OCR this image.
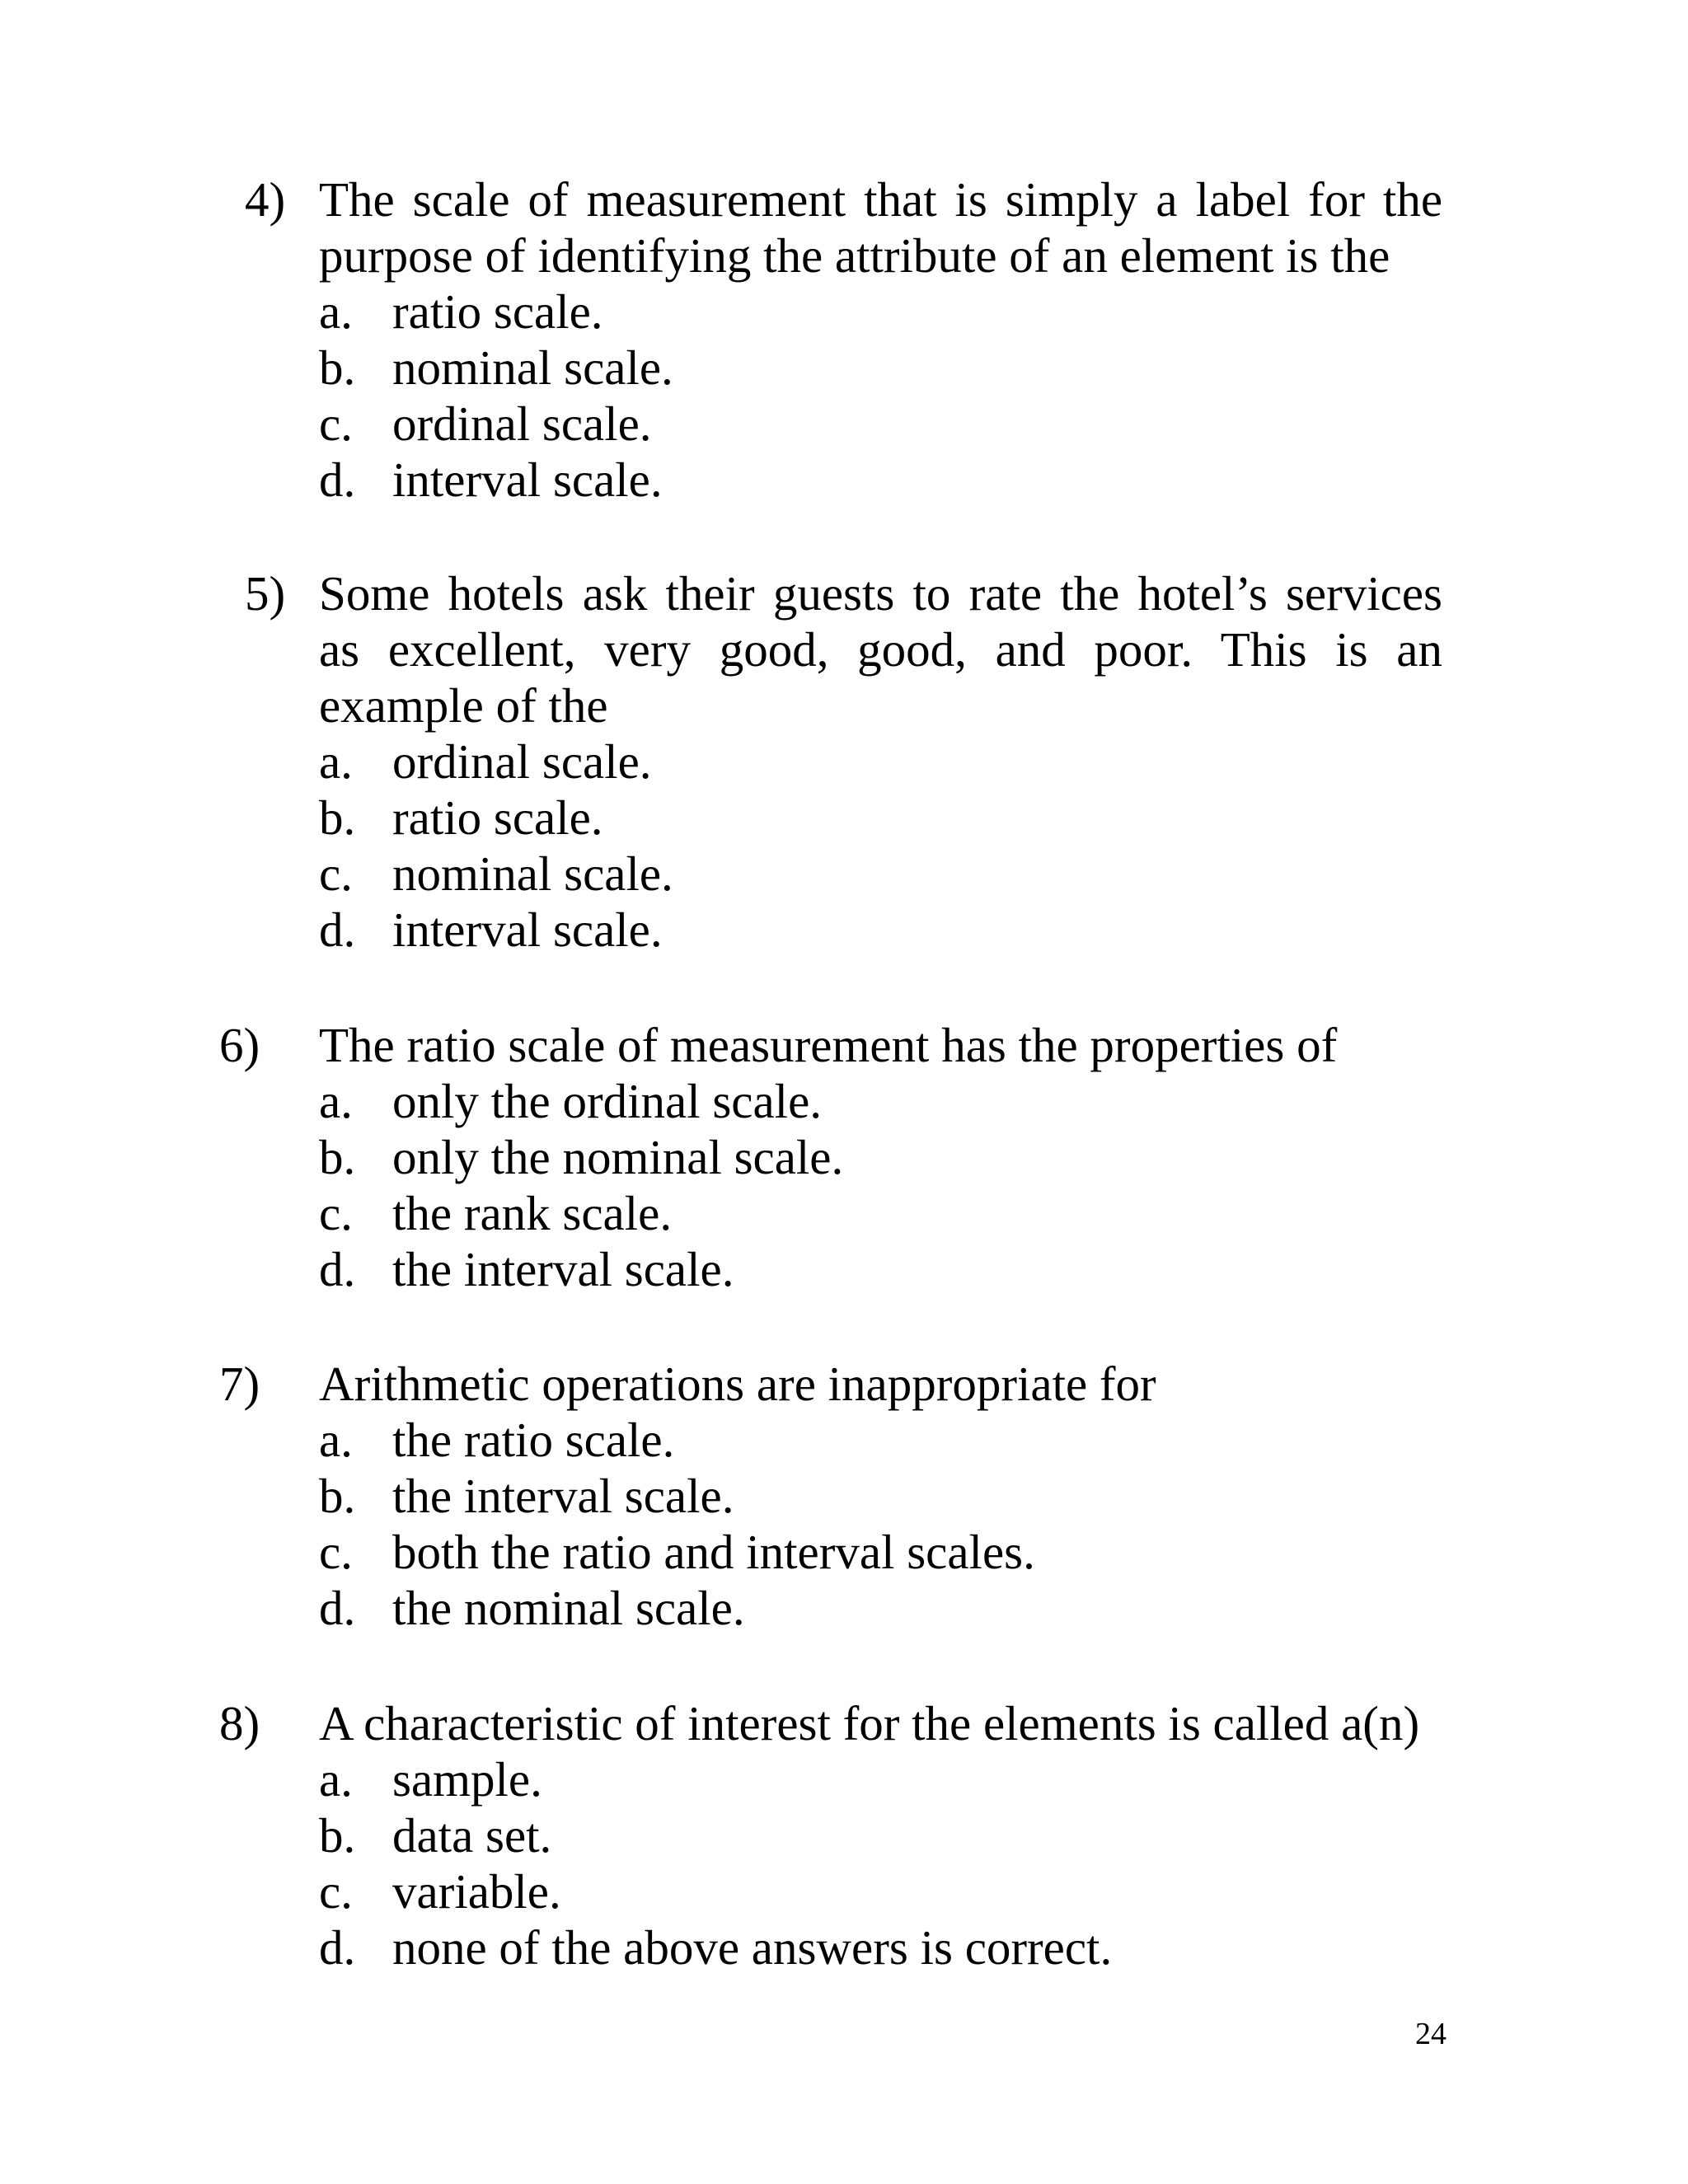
4) The scale of measurement that is simply a label for the
purpose of identifying the attribute of an element is the
a. ratio scale.
b. nominal scale.
c. ordinal scale.
d. interval scale.
5) Some hotels ask their guests to rate the hotel’s services
as excellent, very good, good, and poor. This is an
example of the
a. ordinal scale.
b. ratio scale.
c. nominal scale.
d. interval scale.
6) The ratio scale of measurement has the properties of
a. only the ordinal scale.
b. only the nominal scale.
c. the rank scale.
d. the interval scale.
7) Arithmetic operations are inappropriate for
a. the ratio scale.
b. the interval scale.
c. both the ratio and interval scales.
d. the nominal scale.
8) A characteristic of interest for the elements is called a(n)
a. sample.
b. data set.
c. variable.
d. none of the above answers is correct.
24
